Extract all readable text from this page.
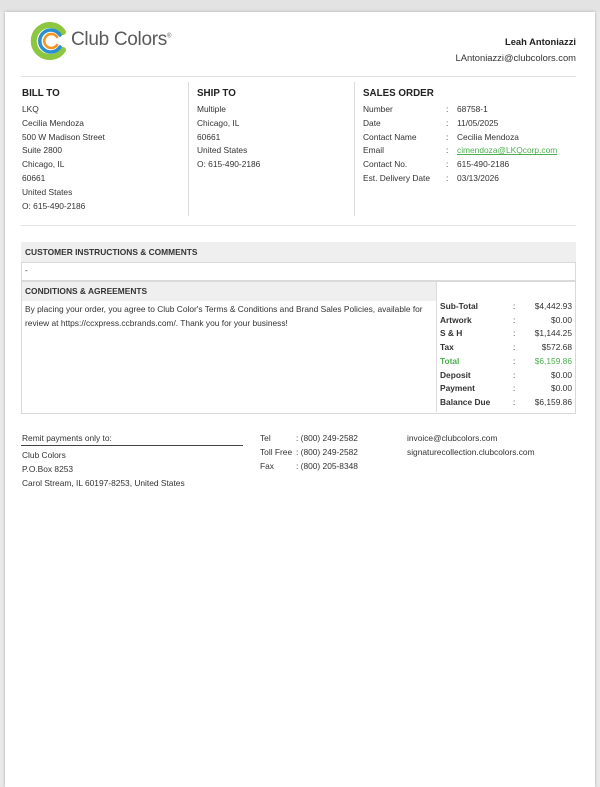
Club Colors®	Leah Antoniazzi
LAntoniazzi@clubcolors.com
BILL TO
LKQ
Cecilia Mendoza
500 W Madison Street
Suite 2800
Chicago, IL
60661
United States
O: 615-490-2186
SHIP TO
Multiple
Chicago, IL
60661
United States
O: 615-490-2186
SALES ORDER
Number	: 68758-1
Date	: 11/05/2025
Contact Name	: Cecilia Mendoza
Email	: cimendoza@LKQcorp.com
Contact No.	: 615-490-2186
Est. Delivery Date : 03/13/2026
CUSTOMER INSTRUCTIONS & COMMENTS
-
CONDITIONS & AGREEMENTS
By placing your order, you agree to Club Color's Terms & Conditions and Brand Sales Policies, available for review at https://ccxpress.ccbrands.com/. Thank you for your business!
Sub-Total	: $4,442.93
Artwork	:	$0.00
S & H	: $1,144.25
Tax	:	$572.68
Total	: $6,159.86
Deposit	:	$0.00
Payment	:	$0.00
Balance Due	: $6,159.86
Remit payments only to:
Club Colors
P.O.Box 8253
Carol Stream, IL 60197-8253, United States
Tel	: (800) 249-2582
Toll Free : (800) 249-2582
Fax	: (800) 205-8348
invoice@clubcolors.com
signaturecollection.clubcolors.com
